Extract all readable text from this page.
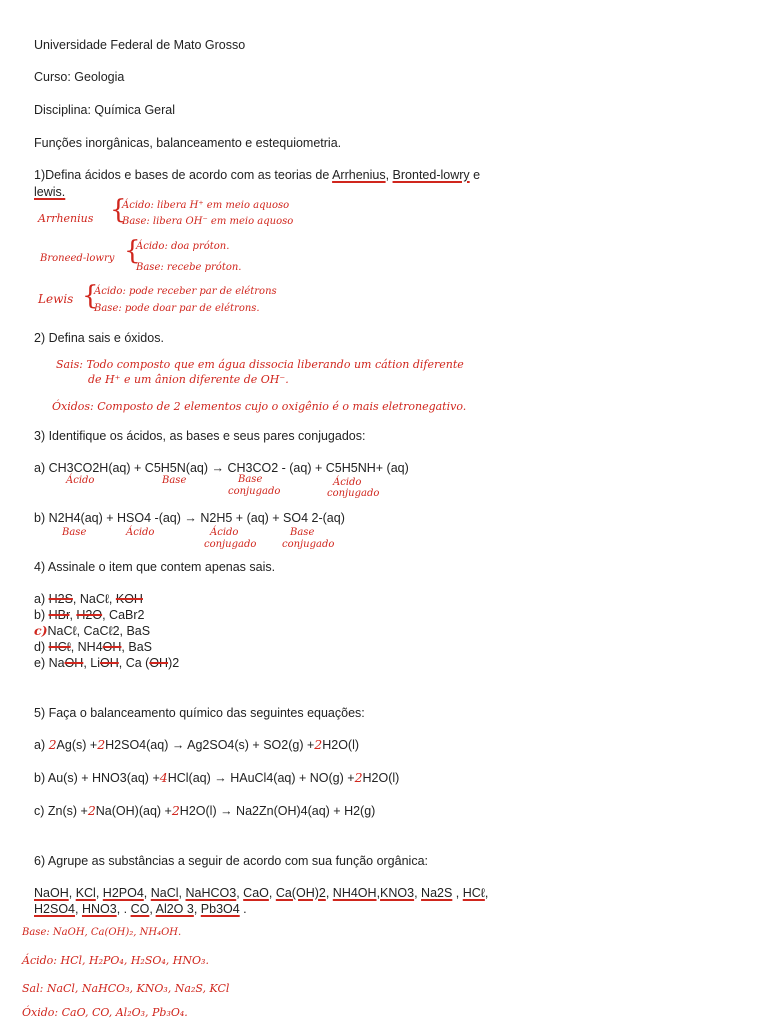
Universidade Federal de Mato Grosso
Curso: Geologia
Disciplina: Química Geral
Funções inorgânicas, balanceamento e estequiometria.
1)Defina ácidos e bases de acordo com as teorias de Arrhenius, Bronted-lowry e
lewis.
Arrhenius {
Ácido: libera H⁺ em meio aquoso
Base: libera OH⁻ em meio aquoso
Broneed-lowry {
Ácido: doa próton.
Base: recebe próton.
Lewis {
Ácido: pode receber par de elétrons
Base: pode doar par de elétrons.
2) Defina sais e óxidos.
Sais: Todo composto que em água dissocia liberando um cátion diferente
de H⁺ e um ânion diferente de OH⁻.
Óxidos: Composto de 2 elementos cujo o oxigênio é o mais eletronegativo.
3) Identifique os ácidos, as bases e seus pares conjugados:
a) CH3CO2H(aq) + C5H5N(aq) → CH3CO2 - (aq) + C5H5NH+ (aq)
Ácido	Base	Base
conjugado
Ácido
conjugado
b) N2H4(aq) + HSO4 -(aq) → N2H5 + (aq) + SO4 2-(aq)
Base	Ácido	Ácido
conjugado
Base
conjugado
4) Assinale o item que contem apenas sais.
a) H2S, NaCℓ, KOH
b) HBr, H2O, CaBr2
c)NaCℓ, CaCℓ2, BaS
d) HCℓ, NH4OH, BaS
e) NaOH, LiOH, Ca (OH)2
5) Faça o balanceamento químico das seguintes equações:
a) 2Ag(s) +2H2SO4(aq) → Ag2SO4(s) + SO2(g) +2H2O(l)
b) Au(s) + HNO3(aq) +4HCl(aq) → HAuCl4(aq) + NO(g) +2H2O(l)
c) Zn(s) +2Na(OH)(aq) +2H2O(l) → Na2Zn(OH)4(aq) + H2(g)
6) Agrupe as substâncias a seguir de acordo com sua função orgânica:
NaOH, KCl, H2PO4, NaCl, NaHCO3, CaO, Ca(OH)2, NH4OH,KNO3, Na2S , HCℓ,
H2SO4, HNO3, . CO, Al2O 3, Pb3O4 .
Base: NaOH, Ca(OH)₂, NH₄OH.
Ácido: HCl, H₂PO₄, H₂SO₄, HNO₃.
Sal: NaCl, NaHCO₃, KNO₃, Na₂S, KCl
Óxido: CaO, CO, Al₂O₃, Pb₃O₄.
